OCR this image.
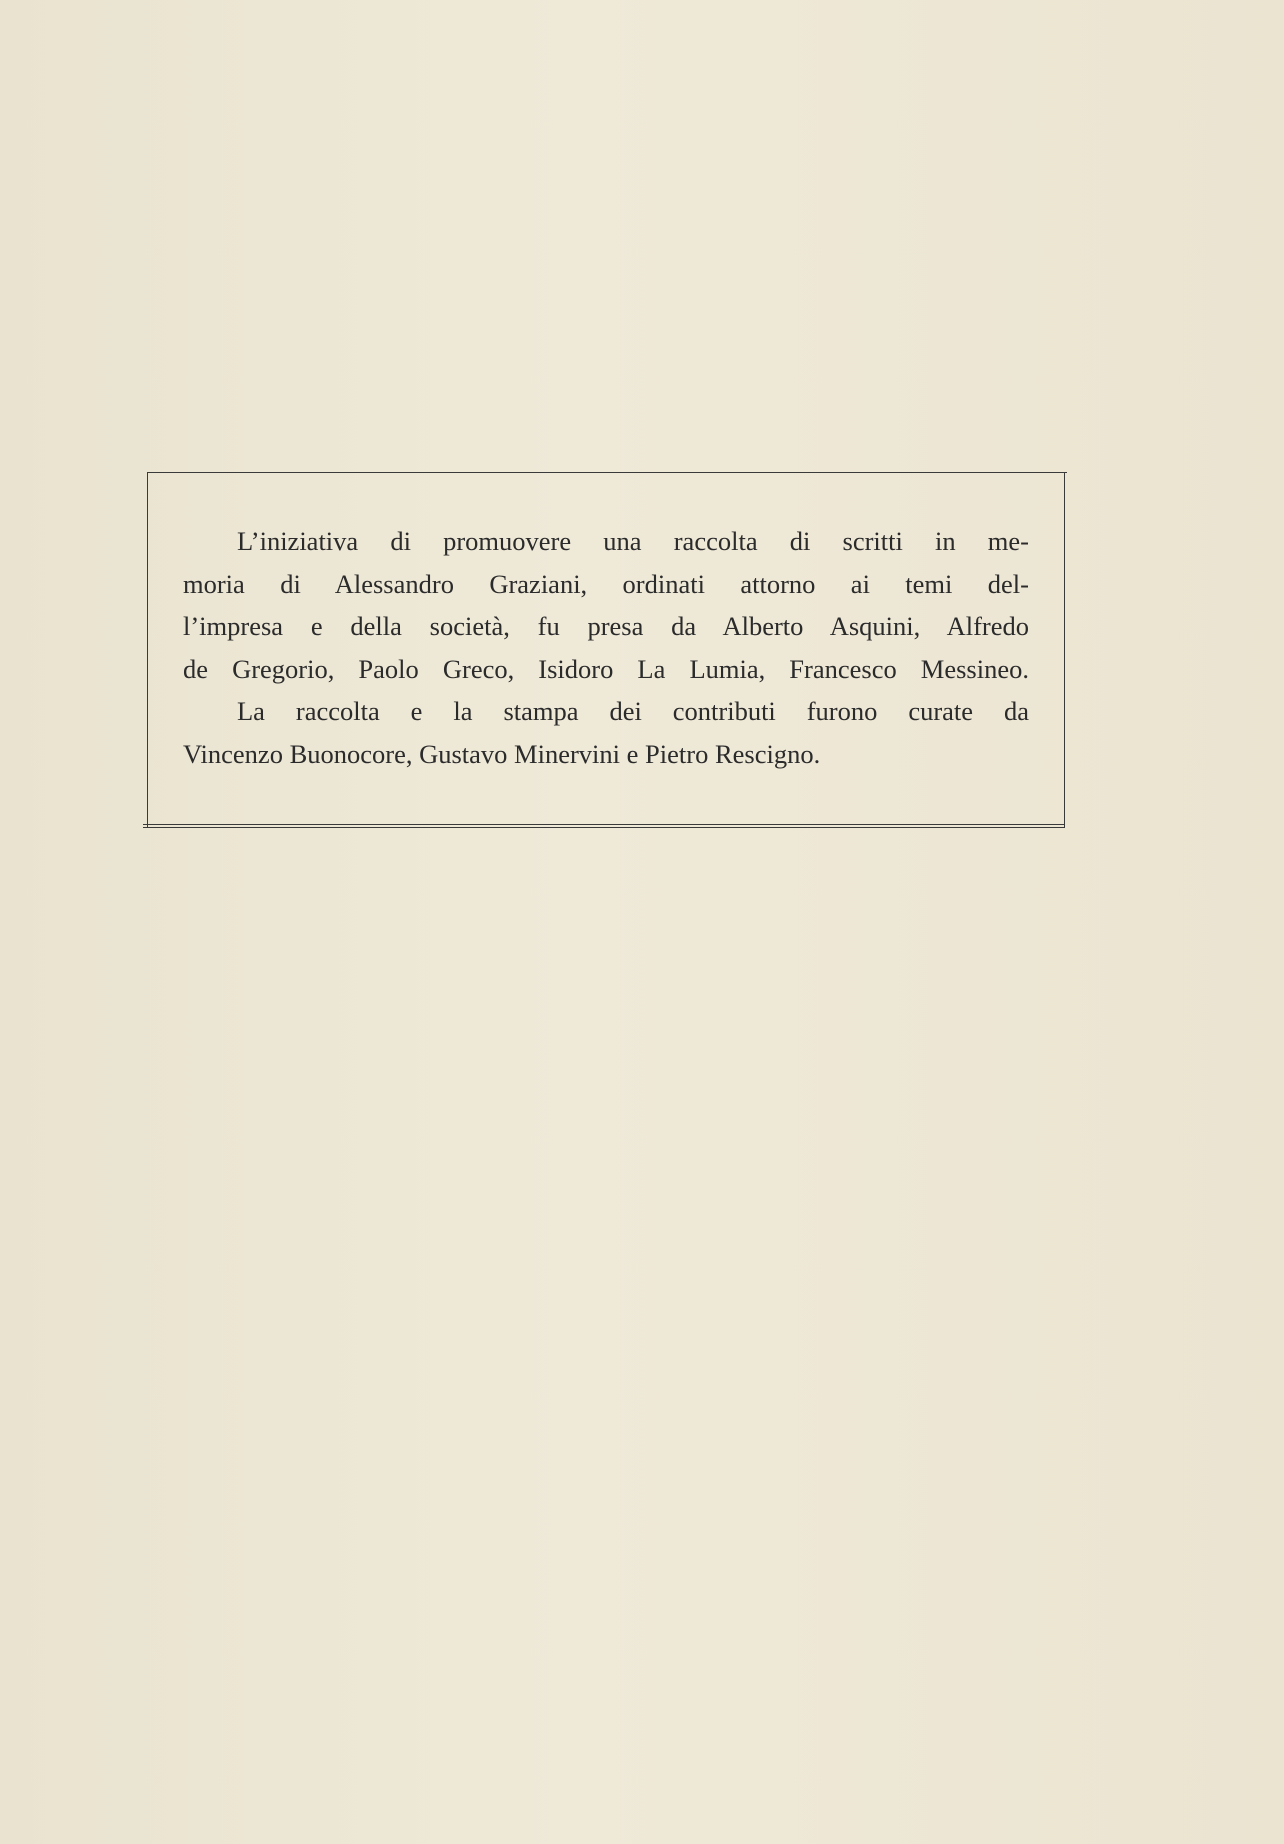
L’iniziativa di promuovere una raccolta di scritti in me-
moria di Alessandro Graziani, ordinati attorno ai temi del-
l’impresa e della società, fu presa da Alberto Asquini, Alfredo
de Gregorio, Paolo Greco, Isidoro La Lumia, Francesco Messineo.

La raccolta e la stampa dei contributi furono curate da
Vincenzo Buonocore, Gustavo Minervini e Pietro Rescigno.
